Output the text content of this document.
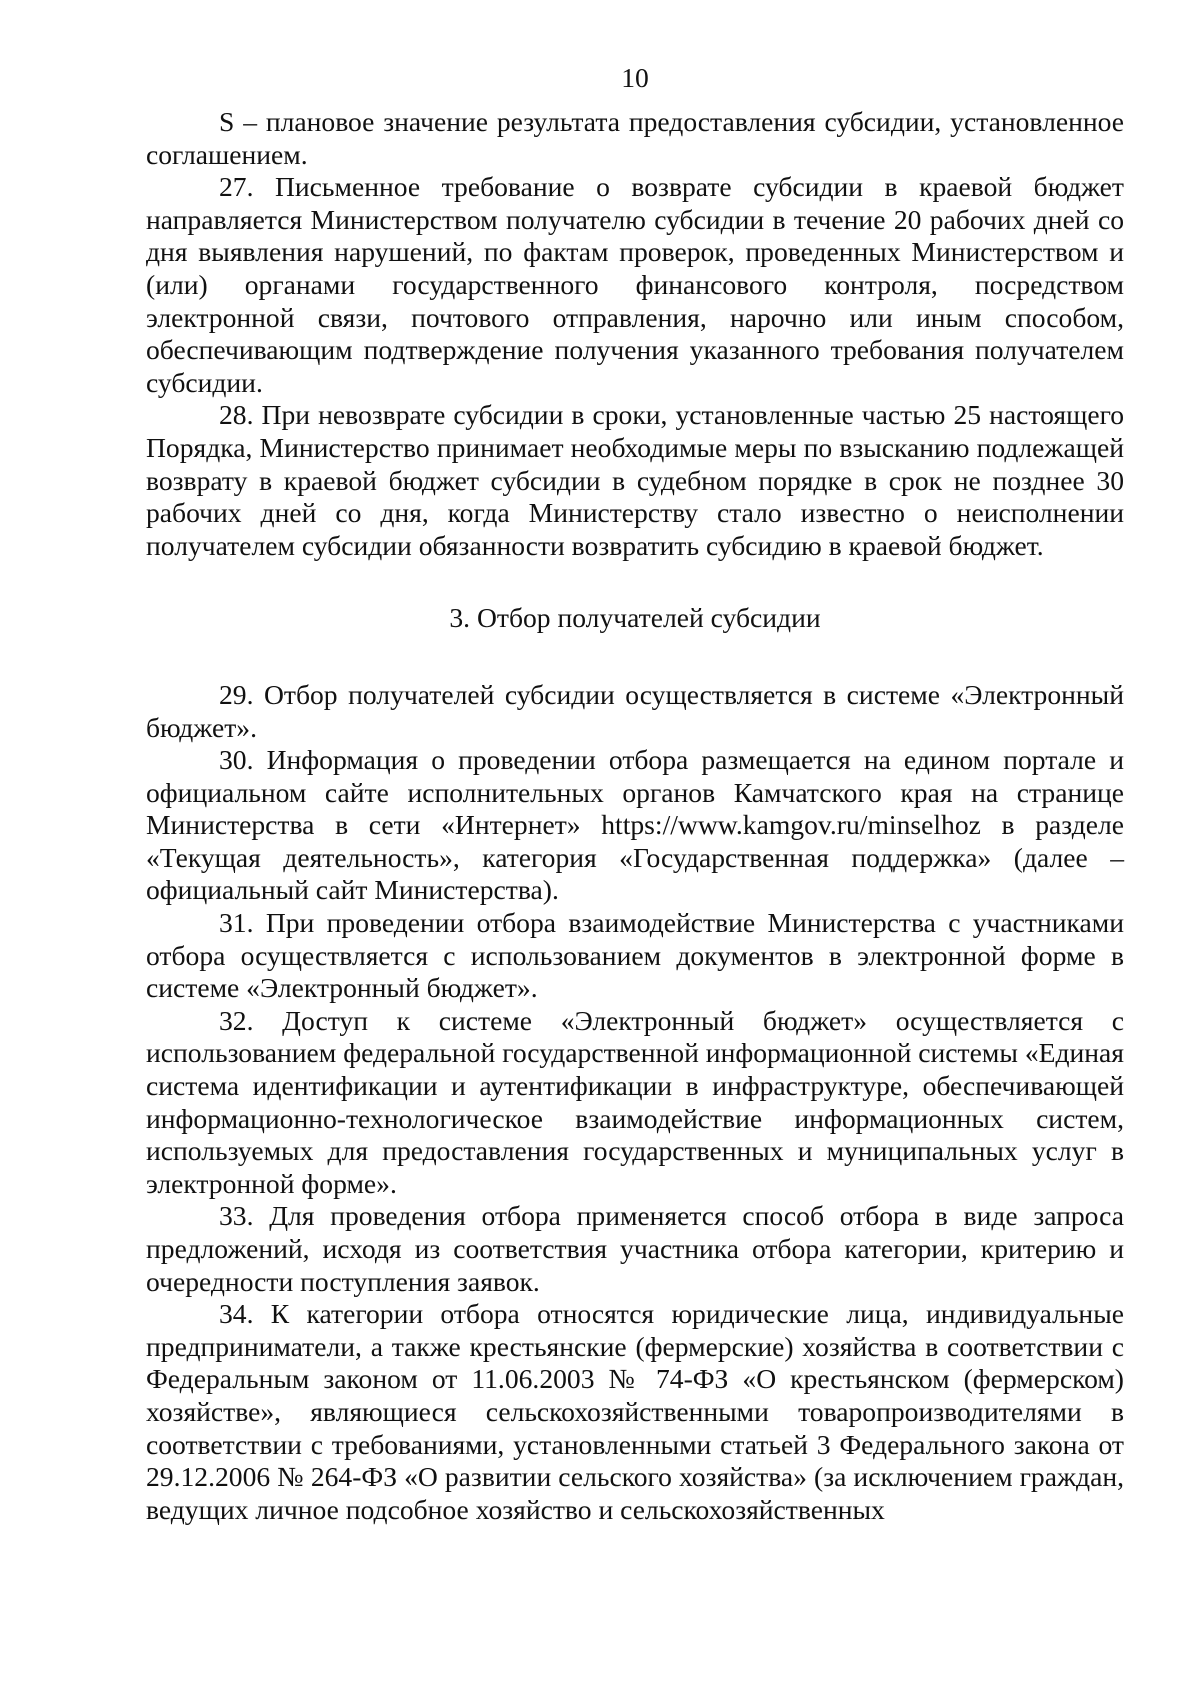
10

S – плановое значение результата предоставления субсидии, установленное соглашением.

27. Письменное требование о возврате субсидии в краевой бюджет направляется Министерством получателю субсидии в течение 20 рабочих дней со дня выявления нарушений, по фактам проверок, проведенных Министерством и (или) органами государственного финансового контроля, посредством электронной связи, почтового отправления, нарочно или иным способом, обеспечивающим подтверждение получения указанного требования получателем субсидии.

28. При невозврате субсидии в сроки, установленные частью 25 настоящего Порядка, Министерство принимает необходимые меры по взысканию подлежащей возврату в краевой бюджет субсидии в судебном порядке в срок не позднее 30 рабочих дней со дня, когда Министерству стало известно о неисполнении получателем субсидии обязанности возвратить субсидию в краевой бюджет.

3. Отбор получателей субсидии

29. Отбор получателей субсидии осуществляется в системе «Электронный бюджет».

30. Информация о проведении отбора размещается на едином портале и официальном сайте исполнительных органов Камчатского края на странице Министерства в сети «Интернет» https://www.kamgov.ru/minselhoz в разделе «Текущая деятельность», категория «Государственная поддержка» (далее – официальный сайт Министерства).

31. При проведении отбора взаимодействие Министерства с участниками отбора осуществляется с использованием документов в электронной форме в системе «Электронный бюджет».

32. Доступ к системе «Электронный бюджет» осуществляется с использованием федеральной государственной информационной системы «Единая система идентификации и аутентификации в инфраструктуре, обеспечивающей информационно-технологическое взаимодействие информационных систем, используемых для предоставления государственных и муниципальных услуг в электронной форме».

33. Для проведения отбора применяется способ отбора в виде запроса предложений, исходя из соответствия участника отбора категории, критерию и очередности поступления заявок.

34. К категории отбора относятся юридические лица, индивидуальные предприниматели, а также крестьянские (фермерские) хозяйства в соответствии с Федеральным законом от 11.06.2003 № 74-ФЗ «О крестьянском (фермерском) хозяйстве», являющиеся сельскохозяйственными товаропроизводителями в соответствии с требованиями, установленными статьей 3 Федерального закона от 29.12.2006 № 264-ФЗ «О развитии сельского хозяйства» (за исключением граждан, ведущих личное подсобное хозяйство и сельскохозяйственных
